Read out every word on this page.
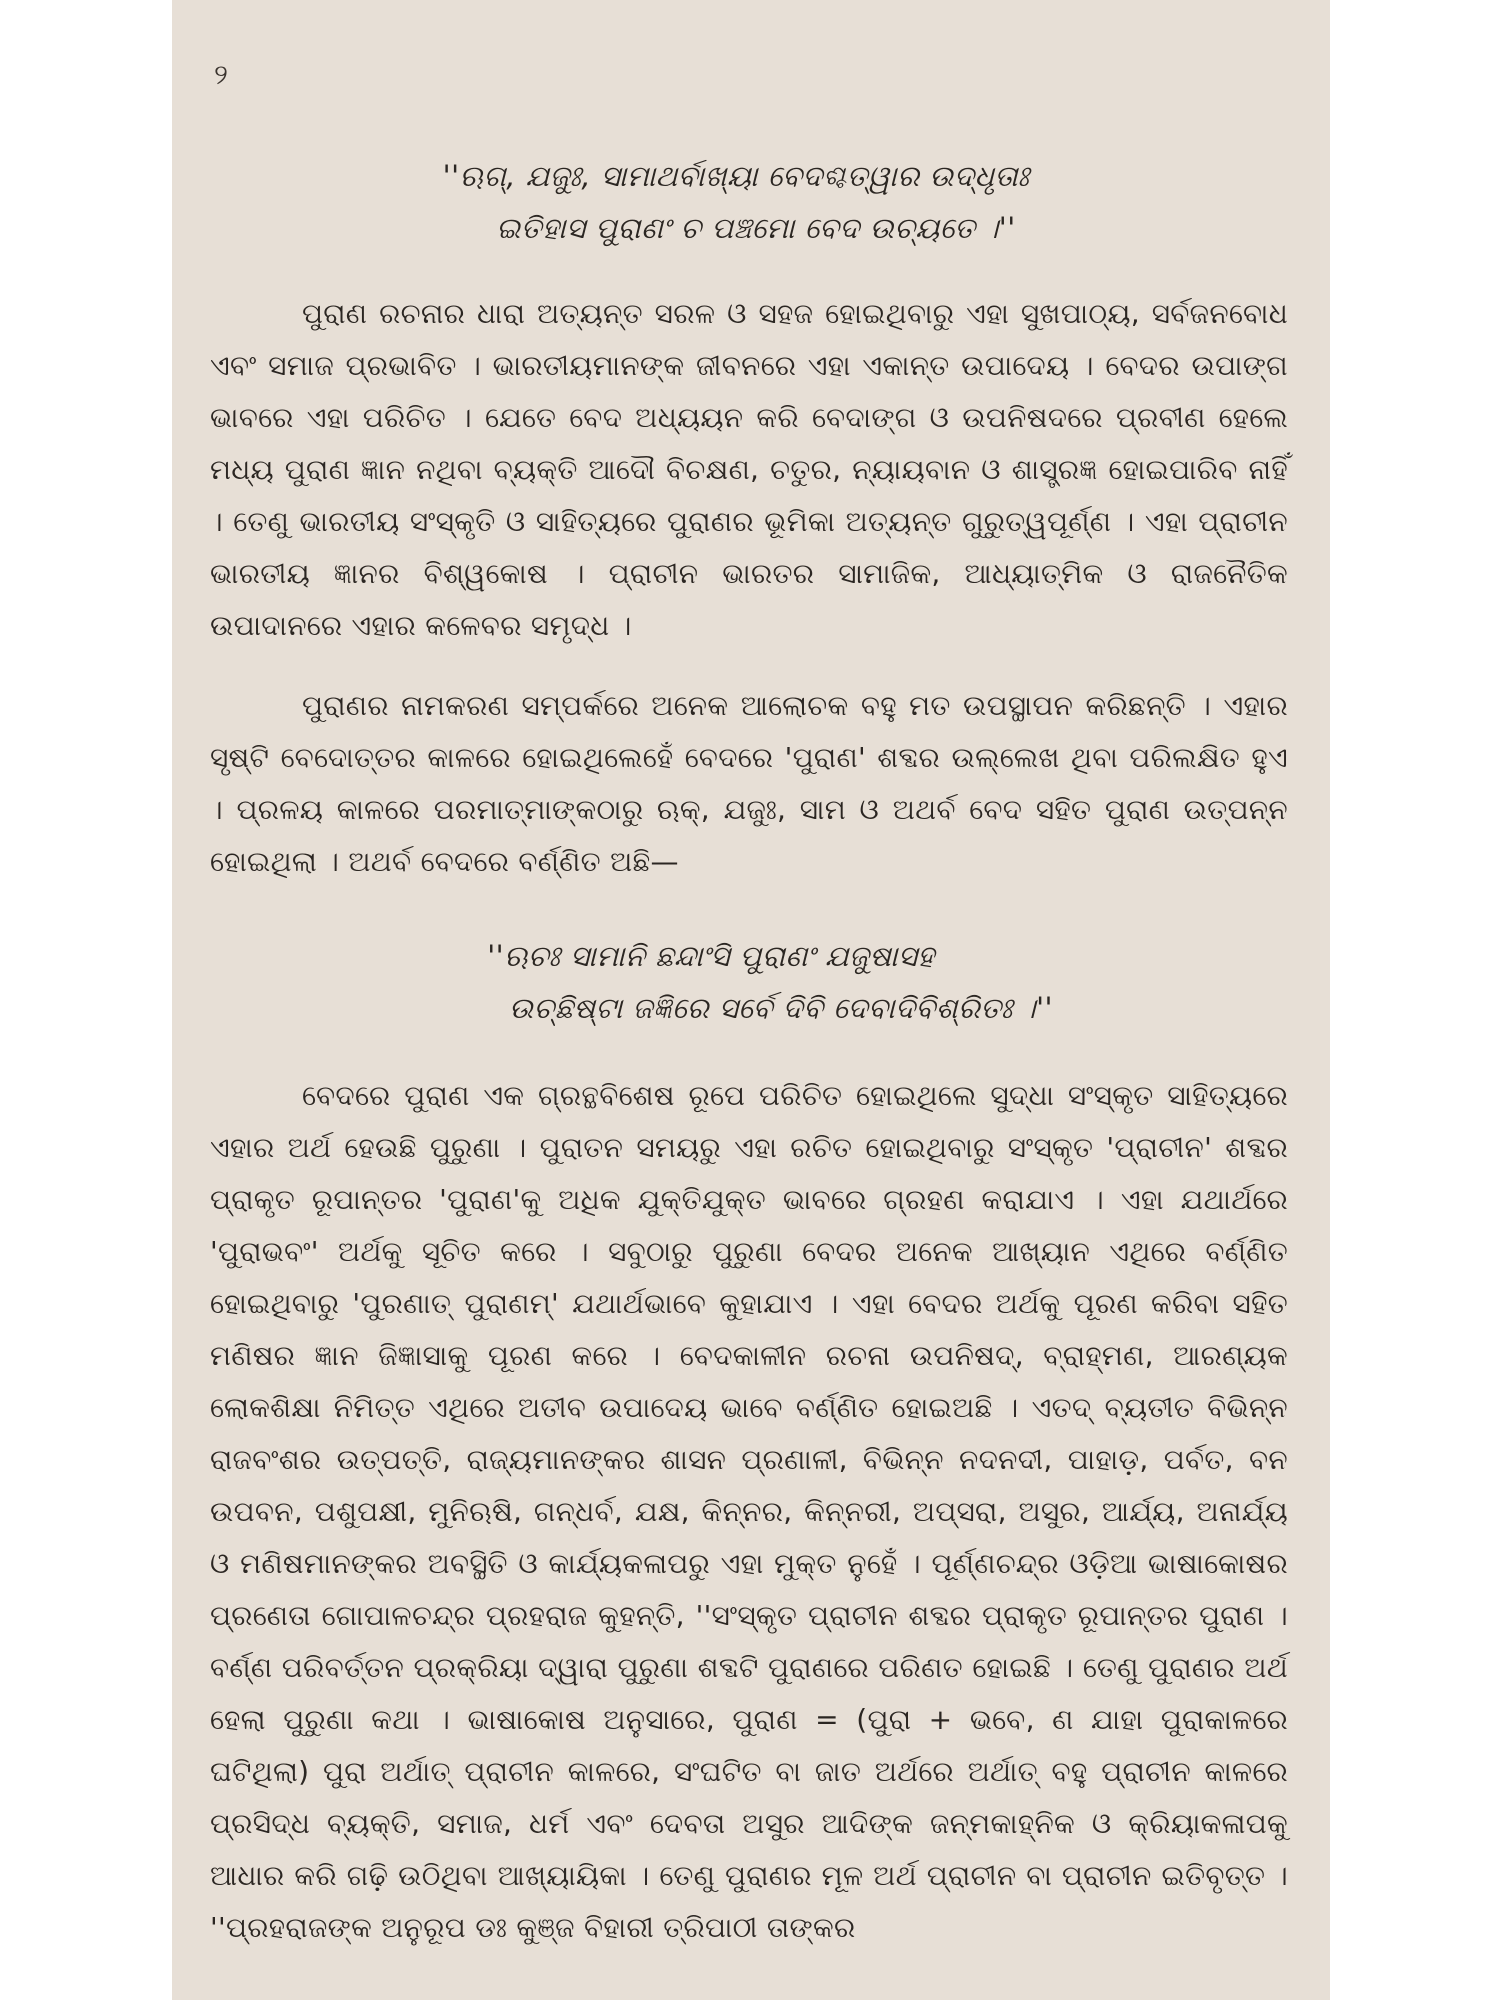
୨
''ଋଗ୍, ଯଜୁଃ, ସାମାଥର୍ବାଖ୍ୟା ବେଦଶ୍ଚତ୍ୱାର ଉଦ୍ଧୃତାଃ
ଇତିହାସ ପୁରାଣଂ ଚ ପଞ୍ଚମୋ ବେଦ ଉଚ୍ୟତେ ।''

ପୁରାଣ ରଚନାର ଧାରା ଅତ୍ୟନ୍ତ ସରଳ ଓ ସହଜ ହୋଇଥିବାରୁ ଏହା ସୁଖପାଠ୍ୟ, ସର୍ବଜନବୋଧ ଏବଂ ସମାଜ ପ୍ରଭାବିତ । ଭାରତୀୟମାନଙ୍କ ଜୀବନରେ ଏହା ଏକାନ୍ତ ଉପାଦେୟ । ବେଦର ଉପାଙ୍ଗ ଭାବରେ ଏହା ପରିଚିତ । ଯେତେ ବେଦ ଅଧ୍ୟୟନ କରି ବେଦାଙ୍ଗ ଓ ଉପନିଷଦରେ ପ୍ରବୀଣ ହେଲେ ମଧ୍ୟ ପୁରାଣ ଜ୍ଞାନ ନଥିବା ବ୍ୟକ୍ତି ଆଦୌ ବିଚକ୍ଷଣ, ଚତୁର, ନ୍ୟାୟବାନ ଓ ଶାସ୍ତ୍ରଜ୍ଞ ହୋଇପାରିବ ନାହିଁ । ତେଣୁ ଭାରତୀୟ ସଂସ୍କୃତି ଓ ସାହିତ୍ୟରେ ପୁରାଣର ଭୂମିକା ଅତ୍ୟନ୍ତ ଗୁରୁତ୍ୱପୂର୍ଣ୍ଣ । ଏହା ପ୍ରାଚୀନ ଭାରତୀୟ ଜ୍ଞାନର ବିଶ୍ୱକୋଷ । ପ୍ରାଚୀନ ଭାରତର ସାମାଜିକ, ଆଧ୍ୟାତ୍ମିକ ଓ ରାଜନୈତିକ ଉପାଦାନରେ ଏହାର କଳେବର ସମୃଦ୍ଧ ।

ପୁରାଣର ନାମକରଣ ସମ୍ପର୍କରେ ଅନେକ ଆଲୋଚକ ବହୁ ମତ ଉପସ୍ଥାପନ କରିଛନ୍ତି । ଏହାର ସୃଷ୍ଟି ବେଦୋତ୍ତର କାଳରେ ହୋଇଥିଲେହେଁ ବେଦରେ 'ପୁରାଣ' ଶବ୍ଦର ଉଲ୍ଲେଖ ଥିବା ପରିଲକ୍ଷିତ ହୁଏ । ପ୍ରଳୟ କାଳରେ ପରମାତ୍ମାଙ୍କଠାରୁ ଋକ୍, ଯଜୁଃ, ସାମ ଓ ଅଥର୍ବ ବେଦ ସହିତ ପୁରାଣ ଉତ୍ପନ୍ନ ହୋଇଥିଲା । ଅଥର୍ବ ବେଦରେ ବର୍ଣ୍ଣିତ ଅଛି—

''ଋଚଃ ସାମାନି ଛନ୍ଦାଂସି ପୁରାଣଂ ଯଜୁଷାସହ
ଉଚ୍ଛିଷ୍ଟା ଜଜ୍ଞିରେ ସର୍ବେ ଦିବି ଦେବାଦିବିଶ୍ରିତଃ ।''

ବେଦରେ ପୁରାଣ ଏକ ଗ୍ରନ୍ଥବିଶେଷ ରୂପେ ପରିଚିତ ହୋଇଥିଲେ ସୁଦ୍ଧା ସଂସ୍କୃତ ସାହିତ୍ୟରେ ଏହାର ଅର୍ଥ ହେଉଛି ପୁରୁଣା । ପୁରାତନ ସମୟରୁ ଏହା ରଚିତ ହୋଇଥିବାରୁ ସଂସ୍କୃତ 'ପ୍ରାଚୀନ' ଶବ୍ଦର ପ୍ରାକୃତ ରୂପାନ୍ତର 'ପୁରାଣ'କୁ ଅଧିକ ଯୁକ୍ତିଯୁକ୍ତ ଭାବରେ ଗ୍ରହଣ କରାଯାଏ । ଏହା ଯଥାର୍ଥରେ 'ପୁରାଭବଂ' ଅର୍ଥକୁ ସୂଚିତ କରେ । ସବୁଠାରୁ ପୁରୁଣା ବେଦର ଅନେକ ଆଖ୍ୟାନ ଏଥିରେ ବର୍ଣ୍ଣିତ ହୋଇଥିବାରୁ 'ପୁରଣାତ୍ ପୁରାଣମ୍' ଯଥାର୍ଥଭାବେ କୁହାଯାଏ । ଏହା ବେଦର ଅର୍ଥକୁ ପୂରଣ କରିବା ସହିତ ମଣିଷର ଜ୍ଞାନ ଜିଜ୍ଞାସାକୁ ପୂରଣ କରେ । ବେଦକାଳୀନ ରଚନା ଉପନିଷଦ୍, ବ୍ରାହ୍ମଣ, ଆରଣ୍ୟକ ଲୋକଶିକ୍ଷା ନିମିତ୍ତ ଏଥିରେ ଅତୀବ ଉପାଦେୟ ଭାବେ ବର୍ଣ୍ଣିତ ହୋଇଅଛି । ଏତଦ୍ ବ୍ୟତୀତ ବିଭିନ୍ନ ରାଜବଂଶର ଉତ୍ପତ୍ତି, ରାଜ୍ୟମାନଙ୍କର ଶାସନ ପ୍ରଣାଳୀ, ବିଭିନ୍ନ ନଦନଦୀ, ପାହାଡ଼, ପର୍ବତ, ବନ ଉପବନ, ପଶୁପକ୍ଷୀ, ମୁନିଋଷି, ଗନ୍ଧର୍ବ, ଯକ୍ଷ, କିନ୍ନର, କିନ୍ନରୀ, ଅପ୍‌ସରା, ଅସୁର, ଆର୍ଯ୍ୟ, ଅନାର୍ଯ୍ୟ ଓ ମଣିଷମାନଙ୍କର ଅବସ୍ଥିତି ଓ କାର୍ଯ୍ୟକଳାପରୁ ଏହା ମୁକ୍ତ ନୁହେଁ । ପୂର୍ଣ୍ଣଚନ୍ଦ୍ର ଓଡ଼ିଆ ଭାଷାକୋଷର ପ୍ରଣେତା ଗୋପାଳଚନ୍ଦ୍ର ପ୍ରହରାଜ କୁହନ୍ତି, ''ସଂସ୍କୃତ ପ୍ରାଚୀନ ଶବ୍ଦର ପ୍ରାକୃତ ରୂପାନ୍ତର ପୁରାଣ । ବର୍ଣ୍ଣ ପରିବର୍ତ୍ତନ ପ୍ରକ୍ରିୟା ଦ୍ୱାରା ପୁରୁଣା ଶବ୍ଦଟି ପୁରାଣରେ ପରିଣତ ହୋଇଛି । ତେଣୁ ପୁରାଣର ଅର୍ଥ ହେଲା ପୁରୁଣା କଥା । ଭାଷାକୋଷ ଅନୁସାରେ, ପୁରାଣ = (ପୁରା + ଭବେ, ଣ ଯାହା ପୁରାକାଳରେ ଘଟିଥିଲା) ପୁରା ଅର୍ଥାତ୍ ପ୍ରାଚୀନ କାଳରେ, ସଂଘଟିତ ବା ଜାତ ଅର୍ଥରେ ଅର୍ଥାତ୍ ବହୁ ପ୍ରାଚୀନ କାଳରେ ପ୍ରସିଦ୍ଧ ବ୍ୟକ୍ତି, ସମାଜ, ଧର୍ମ ଏବଂ ଦେବତା ଅସୁର ଆଦିଙ୍କ ଜନ୍ମକାହ୍ନିକ ଓ କ୍ରିୟାକଳାପକୁ ଆଧାର କରି ଗଢ଼ି ଉଠିଥିବା ଆଖ୍ୟାୟିକା । ତେଣୁ ପୁରାଣର ମୂଳ ଅର୍ଥ ପ୍ରାଚୀନ ବା ପ୍ରାଚୀନ ଇତିବୃତ୍ତ । ''ପ୍ରହରାଜଙ୍କ ଅନୁରୂପ ଡଃ କୁଞ୍ଜ ବିହାରୀ ତ୍ରିପାଠୀ ତାଙ୍କର
